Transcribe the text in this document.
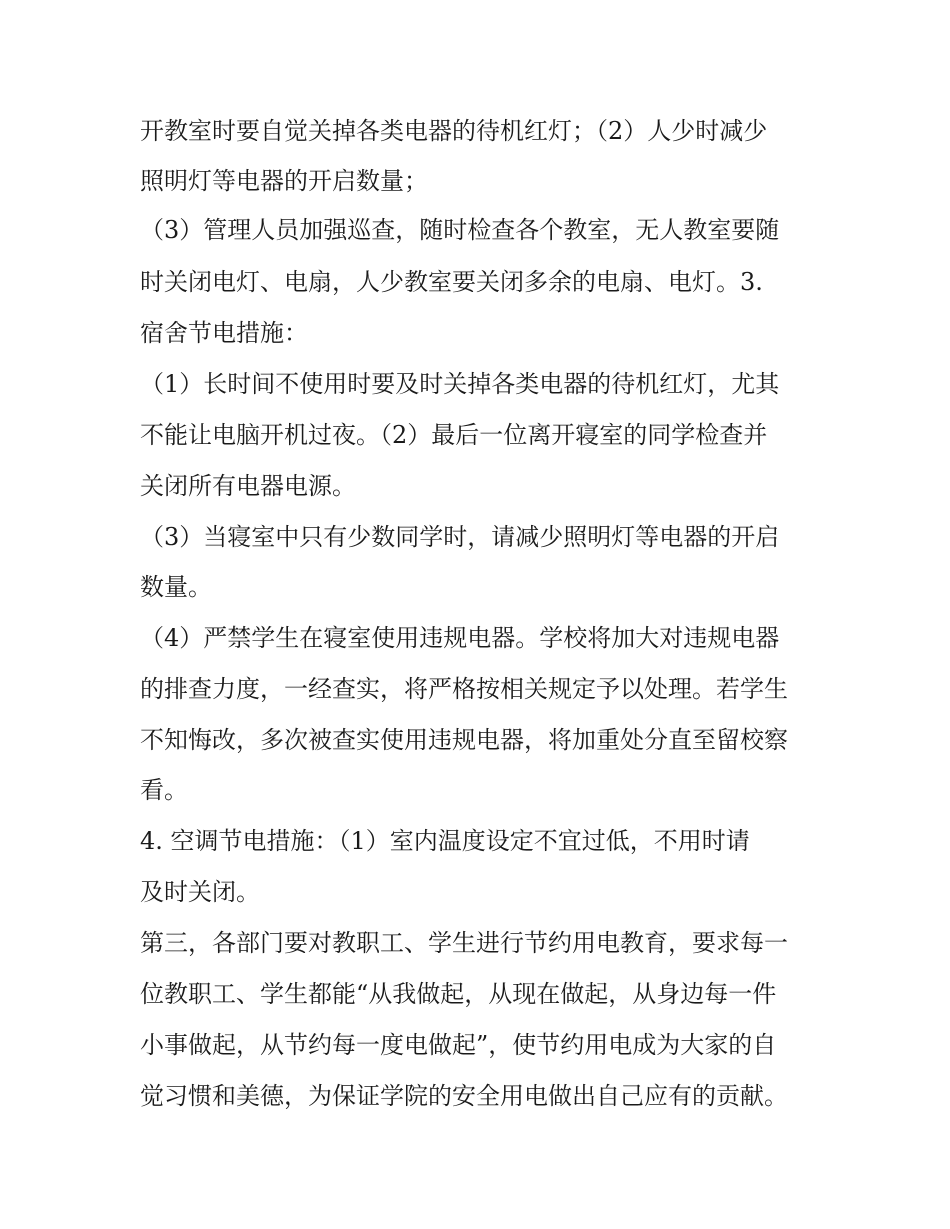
开教室时要自觉关掉各类电器的待机红灯；（2）人少时减少
照明灯等电器的开启数量；
（3）管理人员加强巡查，随时检查各个教室，无人教室要随
时关闭电灯、电扇，人少教室要关闭多余的电扇、电灯。3.
宿舍节电措施：
（1）长时间不使用时要及时关掉各类电器的待机红灯，尤其
不能让电脑开机过夜。（2）最后一位离开寝室的同学检查并
关闭所有电器电源。
（3）当寝室中只有少数同学时，请减少照明灯等电器的开启
数量。
（4）严禁学生在寝室使用违规电器。学校将加大对违规电器
的排查力度，一经查实，将严格按相关规定予以处理。若学生
不知悔改，多次被查实使用违规电器，将加重处分直至留校察
看。
4. 空调节电措施：（1）室内温度设定不宜过低，不用时请
及时关闭。
第三，各部门要对教职工、学生进行节约用电教育，要求每一
位教职工、学生都能“从我做起，从现在做起，从身边每一件
小事做起，从节约每一度电做起”，使节约用电成为大家的自
觉习惯和美德，为保证学院的安全用电做出自己应有的贡献。
